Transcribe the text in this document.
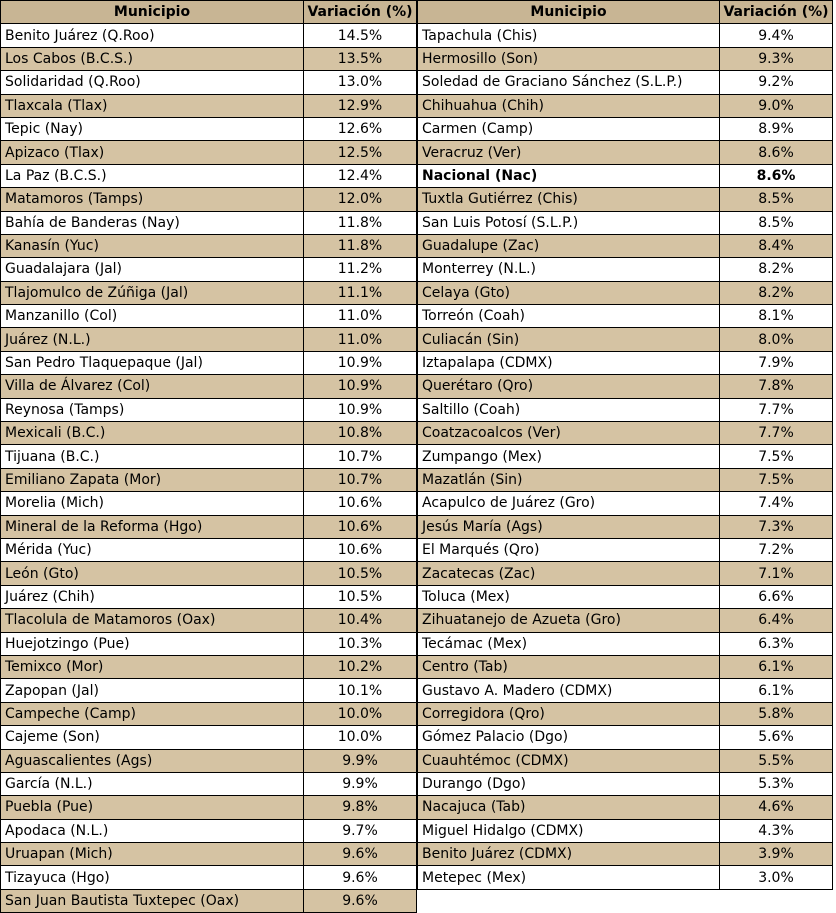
Municipio	Variación (%)
Benito Juárez (Q.Roo)	14.5%
Los Cabos (B.C.S.)	13.5%
Solidaridad (Q.Roo)	13.0%
Tlaxcala (Tlax)	12.9%
Tepic (Nay)	12.6%
Apizaco (Tlax)	12.5%
La Paz (B.C.S.)	12.4%
Matamoros (Tamps)	12.0%
Bahía de Banderas (Nay)	11.8%
Kanasín (Yuc)	11.8%
Guadalajara (Jal)	11.2%
Tlajomulco de Zúñiga (Jal)	11.1%
Manzanillo (Col)	11.0%
Juárez (N.L.)	11.0%
San Pedro Tlaquepaque (Jal)	10.9%
Villa de Álvarez (Col)	10.9%
Reynosa (Tamps)	10.9%
Mexicali (B.C.)	10.8%
Tijuana (B.C.)	10.7%
Emiliano Zapata (Mor)	10.7%
Morelia (Mich)	10.6%
Mineral de la Reforma (Hgo)	10.6%
Mérida (Yuc)	10.6%
León (Gto)	10.5%
Juárez (Chih)	10.5%
Tlacolula de Matamoros (Oax)	10.4%
Huejotzingo (Pue)	10.3%
Temixco (Mor)	10.2%
Zapopan (Jal)	10.1%
Campeche (Camp)	10.0%
Cajeme (Son)	10.0%
Aguascalientes (Ags)	9.9%
García (N.L.)	9.9%
Puebla (Pue)	9.8%
Apodaca (N.L.)	9.7%
Uruapan (Mich)	9.6%
Tizayuca (Hgo)	9.6%
San Juan Bautista Tuxtepec (Oax)	9.6%
Municipio	Variación (%)
Tapachula (Chis)	9.4%
Hermosillo (Son)	9.3%
Soledad de Graciano Sánchez (S.L.P.)	9.2%
Chihuahua (Chih)	9.0%
Carmen (Camp)	8.9%
Veracruz (Ver)	8.6%
Nacional (Nac)	8.6%
Tuxtla Gutiérrez (Chis)	8.5%
San Luis Potosí (S.L.P.)	8.5%
Guadalupe (Zac)	8.4%
Monterrey (N.L.)	8.2%
Celaya (Gto)	8.2%
Torreón (Coah)	8.1%
Culiacán (Sin)	8.0%
Iztapalapa (CDMX)	7.9%
Querétaro (Qro)	7.8%
Saltillo (Coah)	7.7%
Coatzacoalcos (Ver)	7.7%
Zumpango (Mex)	7.5%
Mazatlán (Sin)	7.5%
Acapulco de Juárez (Gro)	7.4%
Jesús María (Ags)	7.3%
El Marqués (Qro)	7.2%
Zacatecas (Zac)	7.1%
Toluca (Mex)	6.6%
Zihuatanejo de Azueta (Gro)	6.4%
Tecámac (Mex)	6.3%
Centro (Tab)	6.1%
Gustavo A. Madero (CDMX)	6.1%
Corregidora (Qro)	5.8%
Gómez Palacio (Dgo)	5.6%
Cuauhtémoc (CDMX)	5.5%
Durango (Dgo)	5.3%
Nacajuca (Tab)	4.6%
Miguel Hidalgo (CDMX)	4.3%
Benito Juárez (CDMX)	3.9%
Metepec (Mex)	3.0%
